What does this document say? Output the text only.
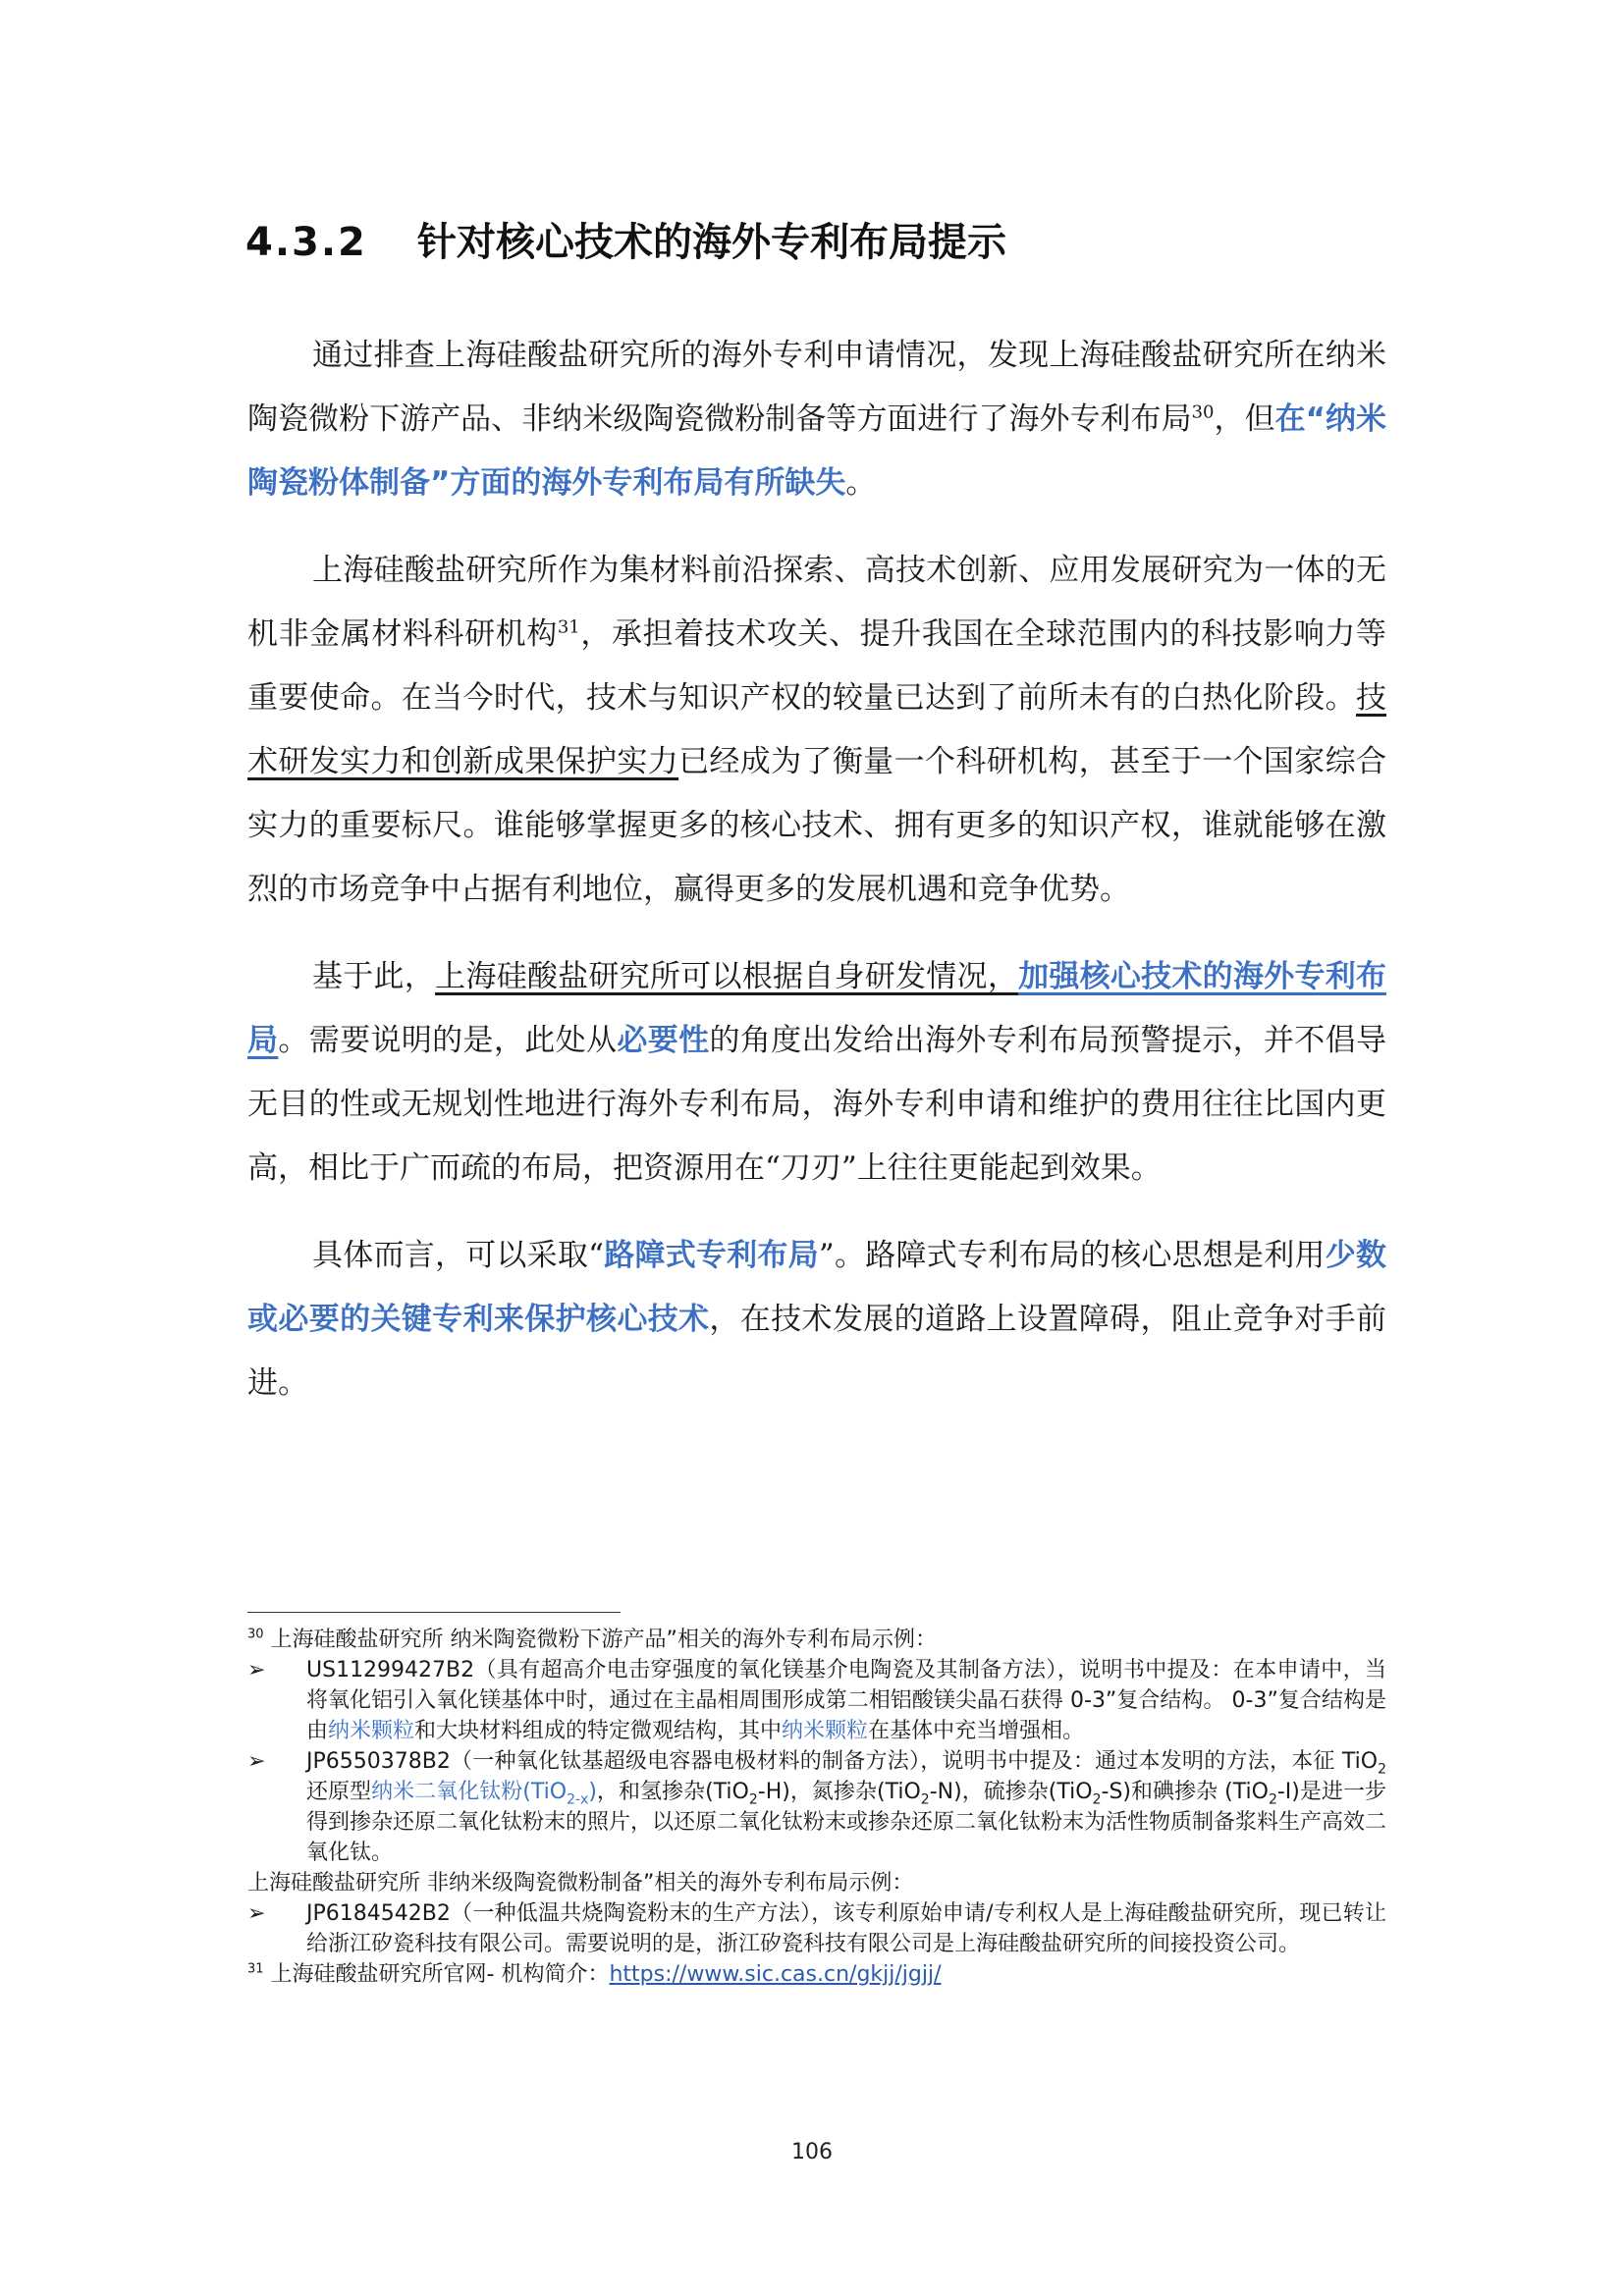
4.3.2 针对核心技术的海外专利布局提示

通过排查上海硅酸盐研究所的海外专利申请情况，发现上海硅酸盐研究所在纳米陶瓷微粉下游产品、非纳米级陶瓷微粉制备等方面进行了海外专利布局$^{30}$，但在“纳米陶瓷粉体制备”方面的海外专利布局有所缺失。

上海硅酸盐研究所作为集材料前沿探索、高技术创新、应用发展研究为一体的无机非金属材料科研机构$^{31}$，承担着技术攻关、提升我国在全球范围内的科技影响力等重要使命。在当今时代，技术与知识产权的较量已达到了前所未有的白热化阶段。技术研发实力和创新成果保护实力已经成为了衡量一个科研机构，甚至于一个国家综合实力的重要标尺。谁能够掌握更多的核心技术、拥有更多的知识产权，谁就能够在激烈的市场竞争中占据有利地位，赢得更多的发展机遇和竞争优势。

基于此，上海硅酸盐研究所可以根据自身研发情况，加强核心技术的海外专利布局。需要说明的是，此处从必要性的角度出发给出海外专利布局预警提示，并不倡导无目的性或无规划性地进行海外专利布局，海外专利申请和维护的费用往往比国内更高，相比于广而疏的布局，把资源用在“刀刃”上往往更能起到效果。

具体而言，可以采取“路障式专利布局”。路障式专利布局的核心思想是利用少数或必要的关键专利来保护核心技术，在技术发展的道路上设置障碍，阻止竞争对手前进。

$^{30}$ 上海硅酸盐研究所 纳米陶瓷微粉下游产品”相关的海外专利布局示例：

➢	US11299427B2（具有超高介电击穿强度的氧化镁基介电陶瓷及其制备方法），说明书中提及：在本申请中，当将氧化铝引入氧化镁基体中时，通过在主晶相周围形成第二相铝酸镁尖晶石获得 0-3”复合结构。 0-3”复合结构是由纳米颗粒和大块材料组成的特定微观结构，其中纳米颗粒在基体中充当增强相。
➢	JP6550378B2（一种氧化钛基超级电容器电极材料的制备方法），说明书中提及：通过本发明的方法，本征 TiO$_2$还原型纳米二氧化钛粉(TiO$_{2-x}$)，和氢掺杂(TiO$_2$-H)，氮掺杂(TiO$_2$-N)，硫掺杂(TiO$_2$-S)和碘掺杂 (TiO$_2$-I)是进一步得到掺杂还原二氧化钛粉末的照片，以还原二氧化钛粉末或掺杂还原二氧化钛粉末为活性物质制备浆料生产高效二氧化钛。

上海硅酸盐研究所 非纳米级陶瓷微粉制备”相关的海外专利布局示例：

➢	JP6184542B2（一种低温共烧陶瓷粉末的生产方法），该专利原始申请/专利权人是上海硅酸盐研究所，现已转让给浙江矽瓷科技有限公司。需要说明的是，浙江矽瓷科技有限公司是上海硅酸盐研究所的间接投资公司。

$^{31}$ 上海硅酸盐研究所官网- 机构简介：https://www.sic.cas.cn/gkjj/jgjj/

106
